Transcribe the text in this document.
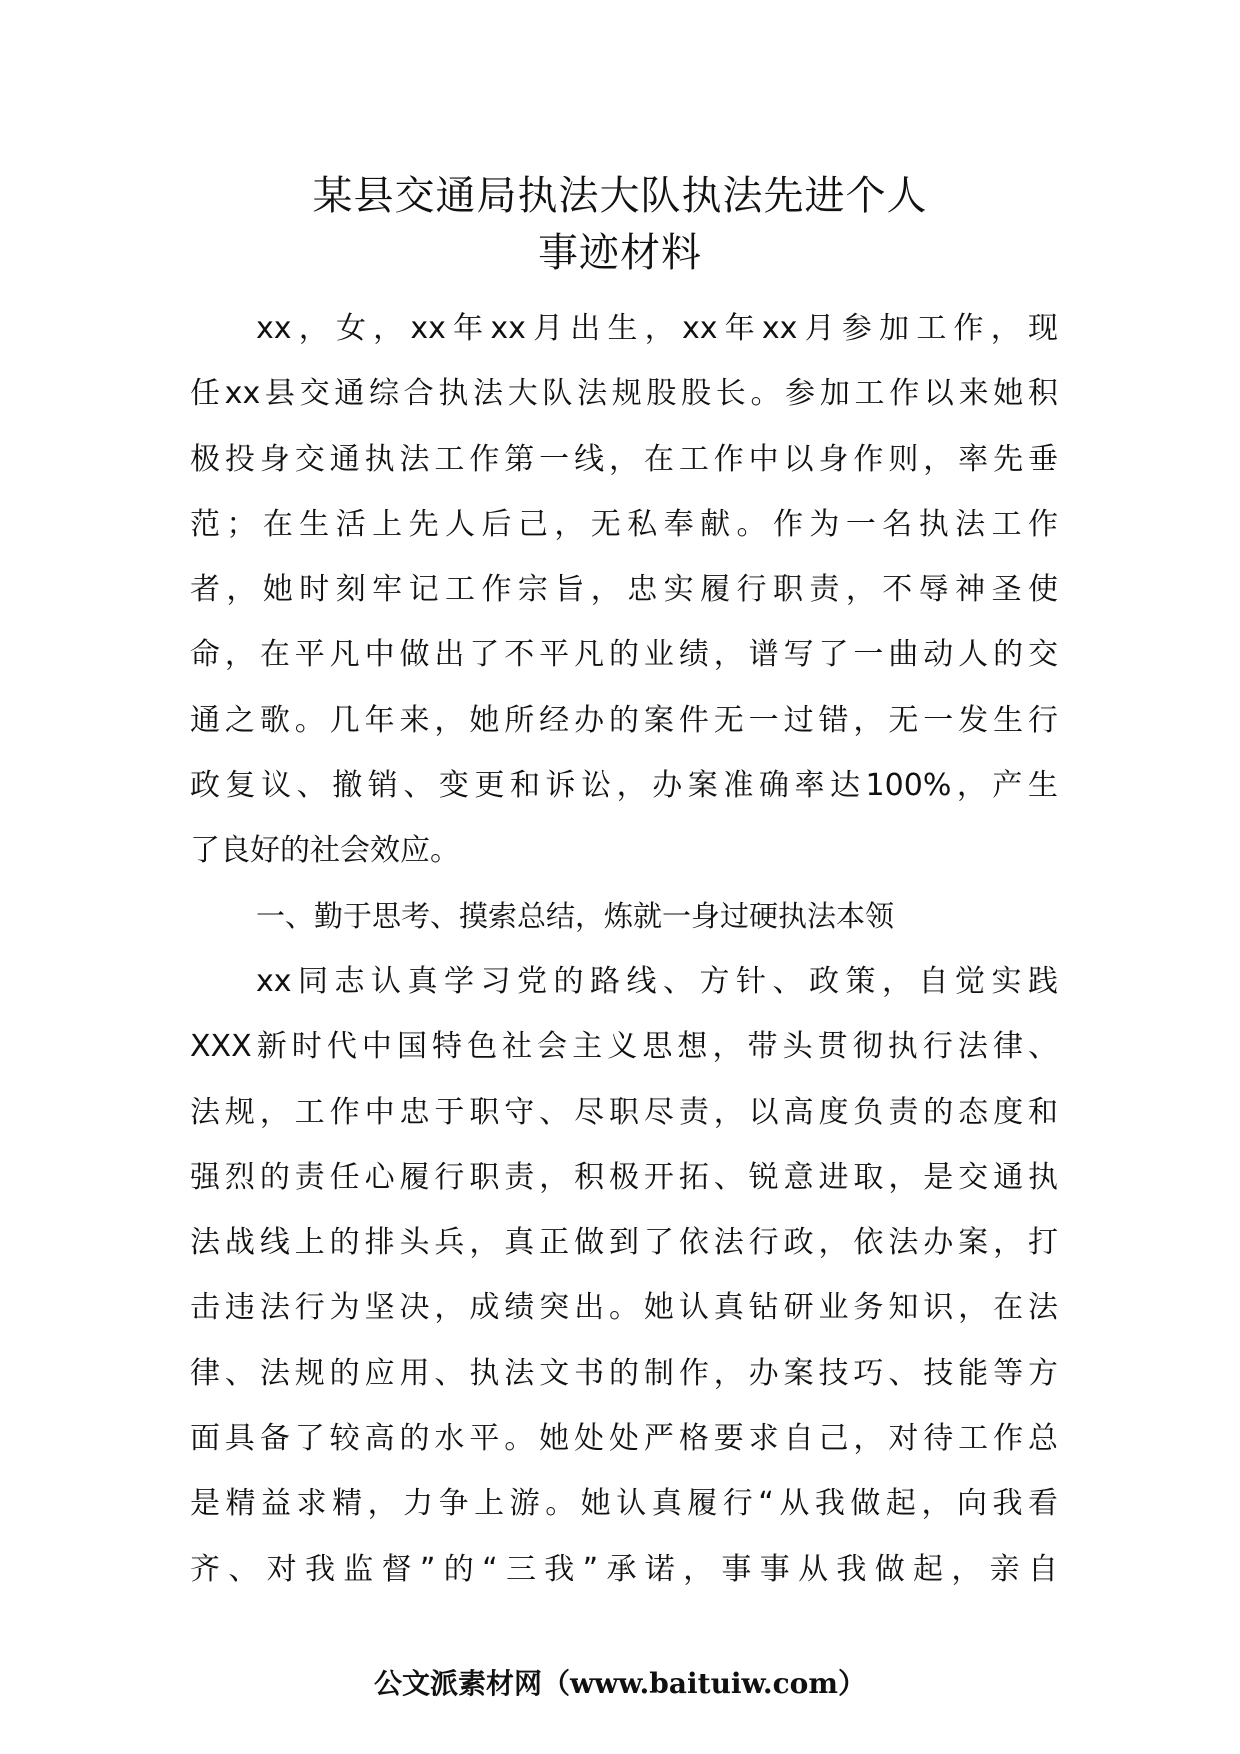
某县交通局执法大队执法先进个人
事迹材料
xx，女，xx年xx月出生，xx年xx月参加工作，现
任xx县交通综合执法大队法规股股长。参加工作以来她积
极投身交通执法工作第一线，在工作中以身作则，率先垂
范；在生活上先人后己，无私奉献。作为一名执法工作
者，她时刻牢记工作宗旨，忠实履行职责，不辱神圣使
命，在平凡中做出了不平凡的业绩，谱写了一曲动人的交
通之歌。几年来，她所经办的案件无一过错，无一发生行
政复议、撤销、变更和诉讼，办案准确率达100%，产生
了良好的社会效应。
一、勤于思考、摸索总结，炼就一身过硬执法本领
xx同志认真学习党的路线、方针、政策，自觉实践
XXX新时代中国特色社会主义思想，带头贯彻执行法律、
法规，工作中忠于职守、尽职尽责，以高度负责的态度和
强烈的责任心履行职责，积极开拓、锐意进取，是交通执
法战线上的排头兵，真正做到了依法行政，依法办案，打
击违法行为坚决，成绩突出。她认真钻研业务知识，在法
律、法规的应用、执法文书的制作，办案技巧、技能等方
面具备了较高的水平。她处处严格要求自己，对待工作总
是精益求精，力争上游。她认真履行“从我做起，向我看
齐、对我监督”的“三我”承诺，事事从我做起，亲自
公文派素材网（www.baituiw.com）
